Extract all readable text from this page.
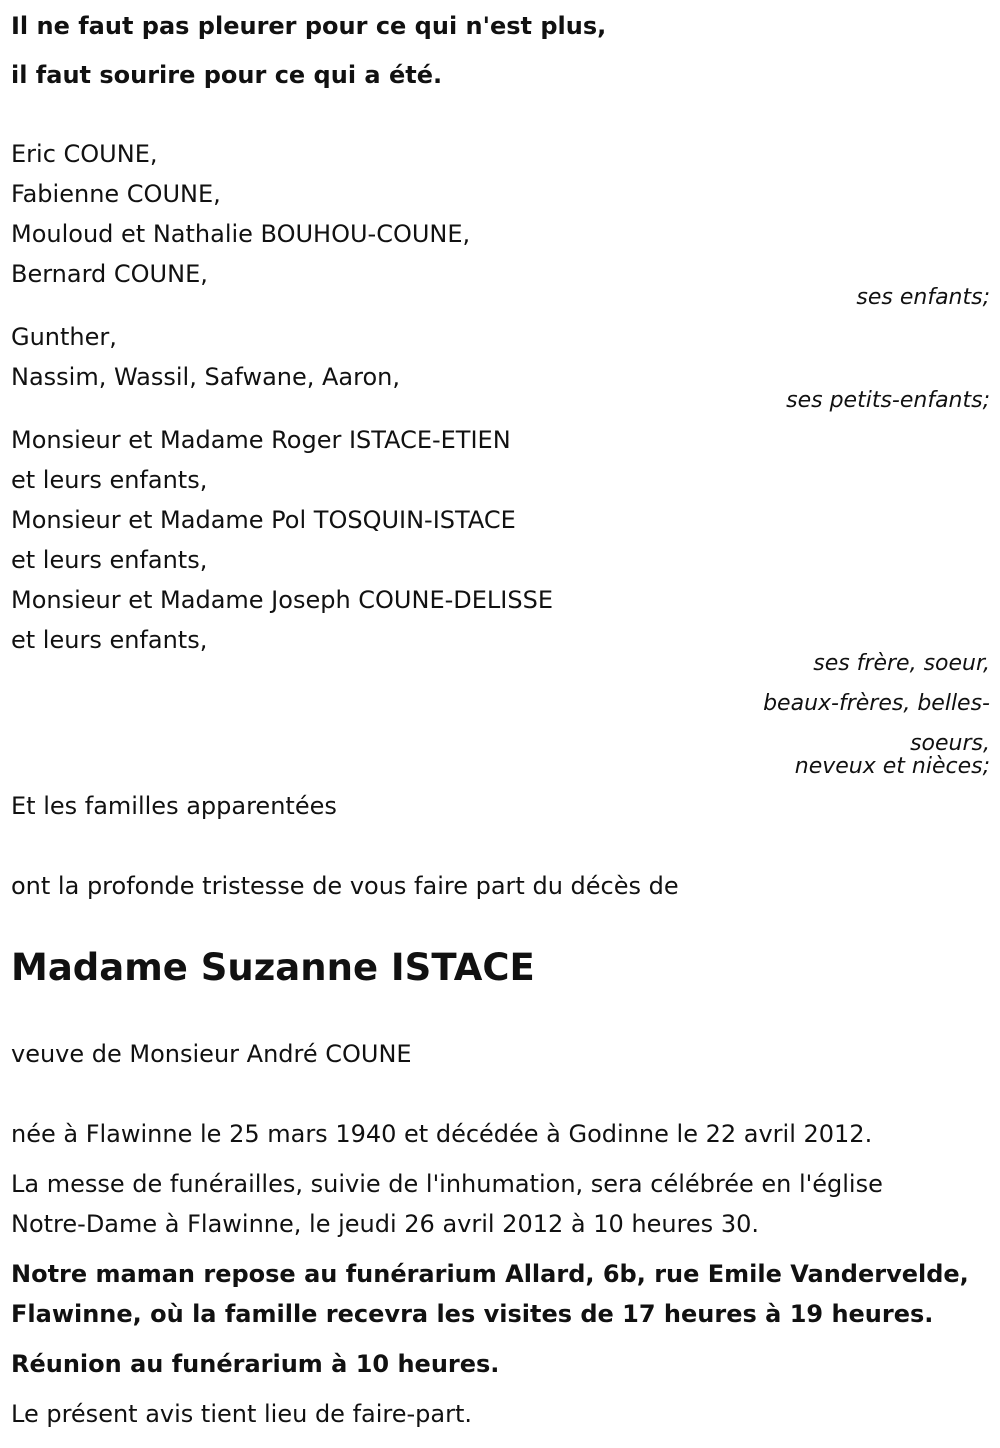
Il ne faut pas pleurer pour ce qui n'est plus,

il faut sourire pour ce qui a été.

Eric COUNE,

Fabienne COUNE,

Mouloud et Nathalie BOUHOU-COUNE,

Bernard COUNE,

ses enfants;

Gunther,

Nassim, Wassil, Safwane, Aaron,

ses petits-enfants;

Monsieur et Madame Roger ISTACE-ETIEN

et leurs enfants,

Monsieur et Madame Pol TOSQUIN-ISTACE

et leurs enfants,

Monsieur et Madame Joseph COUNE-DELISSE

et leurs enfants,

ses frère, soeur,

beaux-frères, belles-

soeurs,

neveux et nièces;

Et les familles apparentées

ont la profonde tristesse de vous faire part du décès de

Madame Suzanne ISTACE

veuve de Monsieur André COUNE

née à Flawinne le 25 mars 1940 et décédée à Godinne le 22 avril 2012.

La messe de funérailles, suivie de l'inhumation, sera célébrée en l'église

Notre-Dame à Flawinne, le jeudi 26 avril 2012 à 10 heures 30.

Notre maman repose au funérarium Allard, 6b, rue Emile Vandervelde,

Flawinne, où la famille recevra les visites de 17 heures à 19 heures.

Réunion au funérarium à 10 heures.

Le présent avis tient lieu de faire-part.
